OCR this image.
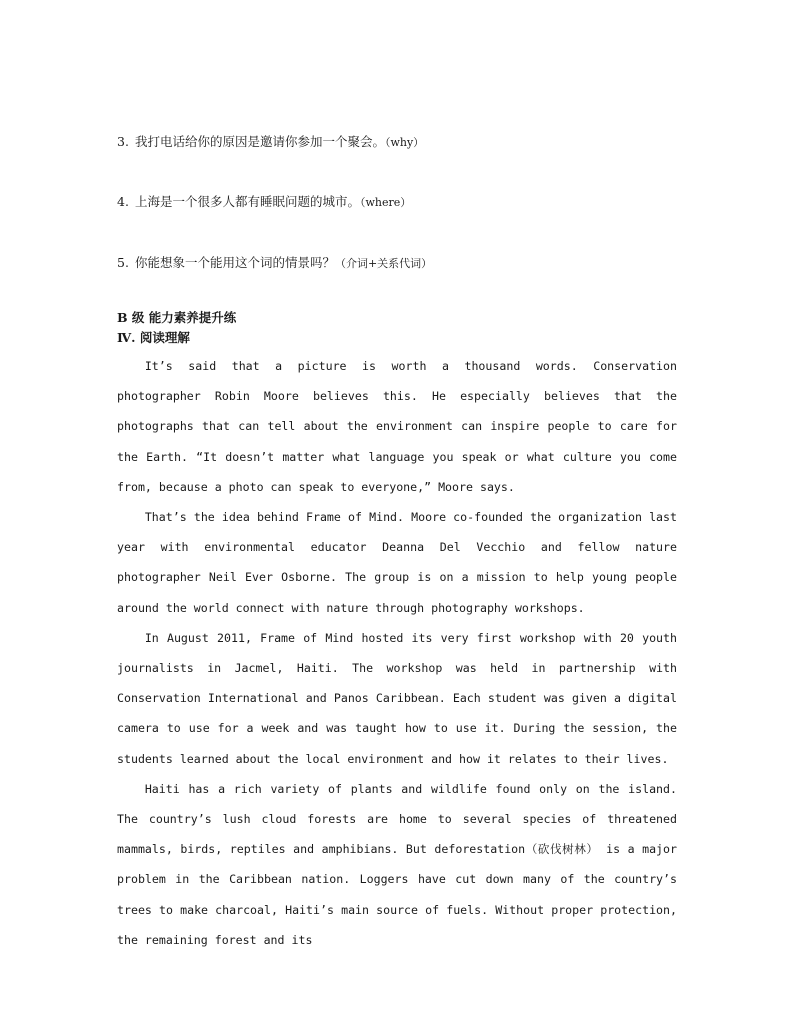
3. 我打电话给你的原因是邀请你参加一个聚会。（why）
4. 上海是一个很多人都有睡眠问题的城市。（where）
5. 你能想象一个能用这个词的情景吗？（介词+关系代词）
B 级 能力素养提升练
Ⅳ. 阅读理解

It’s said that a picture is worth a thousand words. Conservation photographer Robin Moore believes this. He especially believes that the photographs that can tell about the environment can inspire people to care for the Earth. “It doesn’t matter what language you speak or what culture you come from, because a photo can speak to everyone,” Moore says.

That’s the idea behind Frame of Mind. Moore co-founded the organization last year with environmental educator Deanna Del Vecchio and fellow nature photographer Neil Ever Osborne. The group is on a mission to help young people around the world connect with nature through photography workshops.

In August 2011, Frame of Mind hosted its very first workshop with 20 youth journalists in Jacmel, Haiti. The workshop was held in partnership with Conservation International and Panos Caribbean. Each student was given a digital camera to use for a week and was taught how to use it. During the session, the students learned about the local environment and how it relates to their lives.

Haiti has a rich variety of plants and wildlife found only on the island. The country’s lush cloud forests are home to several species of threatened mammals, birds, reptiles and amphibians. But deforestation（砍伐树林） is a major problem in the Caribbean nation. Loggers have cut down many of the country’s trees to make charcoal, Haiti’s main source of fuels. Without proper protection, the remaining forest and its
